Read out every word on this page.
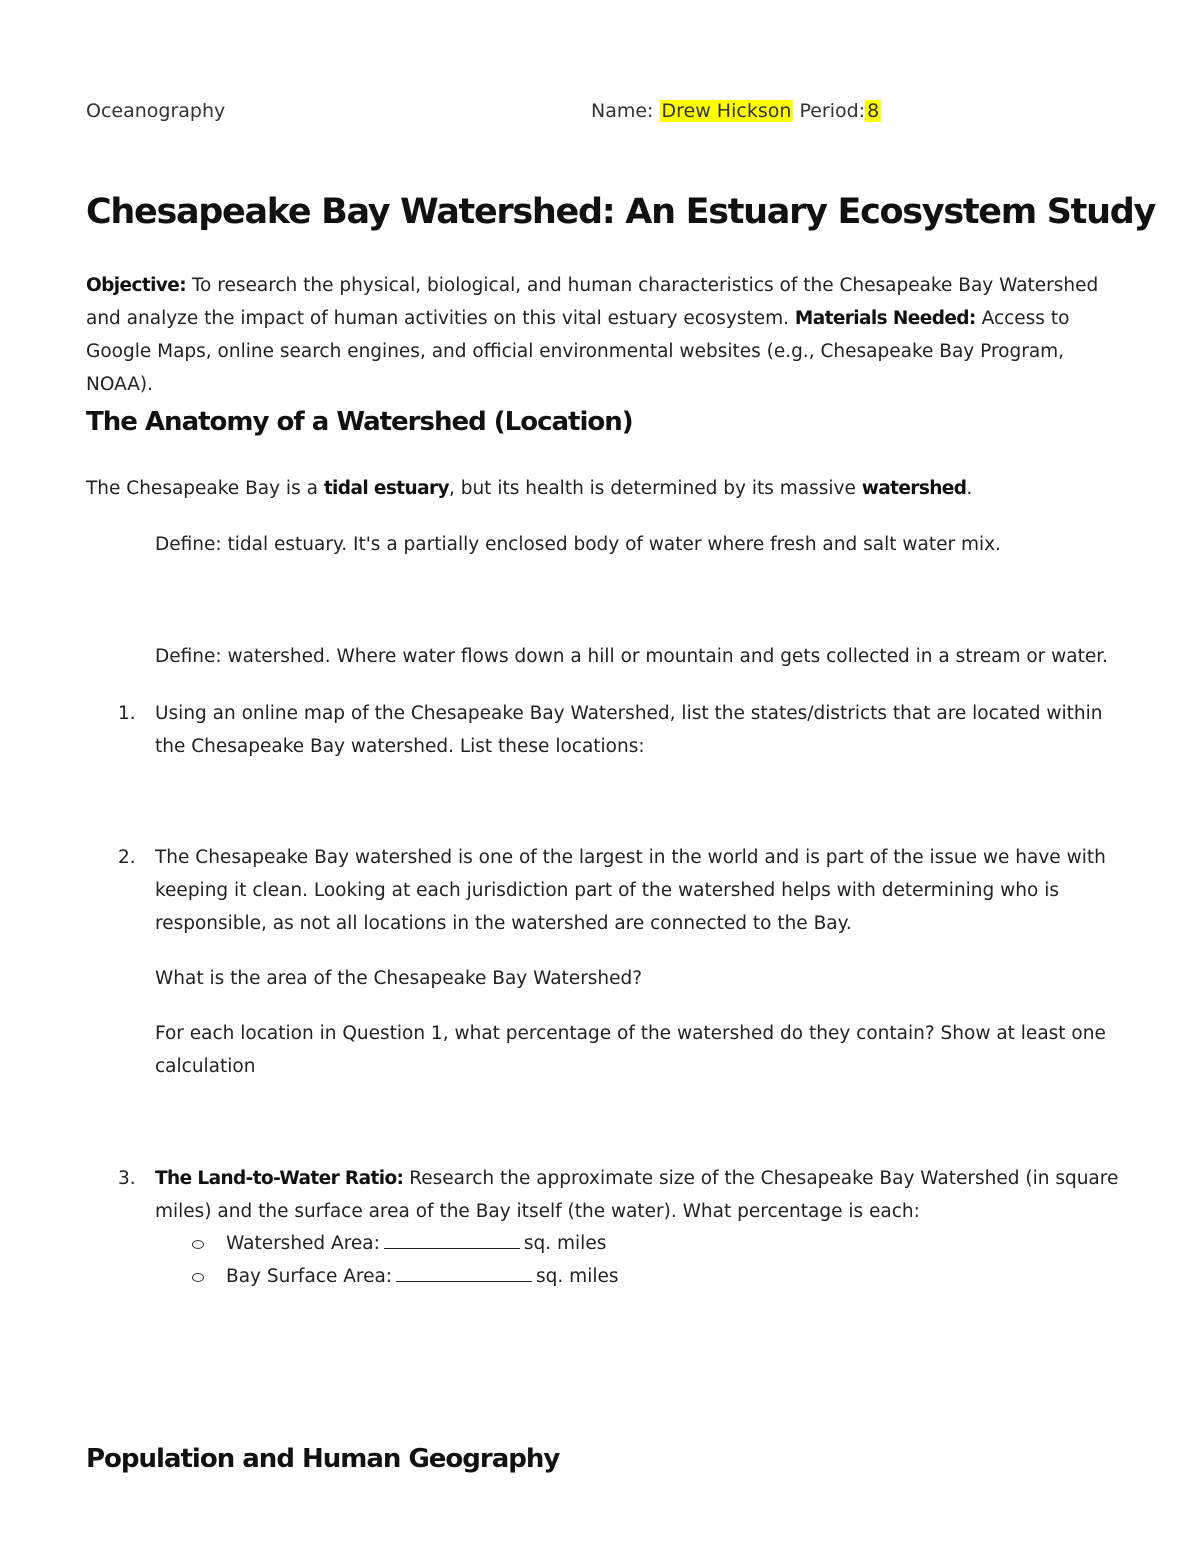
Oceanography	Name: Drew Hickson Period: 8
Chesapeake Bay Watershed: An Estuary Ecosystem Study

Objective: To research the physical, biological, and human characteristics of the Chesapeake Bay Watershed and analyze the impact of human activities on this vital estuary ecosystem. Materials Needed: Access to Google Maps, online search engines, and official environmental websites (e.g., Chesapeake Bay Program, NOAA).

The Anatomy of a Watershed (Location)

The Chesapeake Bay is a tidal estuary, but its health is determined by its massive watershed.

Define: tidal estuary. It's a partially enclosed body of water where fresh and salt water mix.

Define: watershed. Where water flows down a hill or mountain and gets collected in a stream or water.

1. Using an online map of the Chesapeake Bay Watershed, list the states/districts that are located within the Chesapeake Bay watershed. List these locations:

2. The Chesapeake Bay watershed is one of the largest in the world and is part of the issue we have with keeping it clean. Looking at each jurisdiction part of the watershed helps with determining who is responsible, as not all locations in the watershed are connected to the Bay.

What is the area of the Chesapeake Bay Watershed?

For each location in Question 1, what percentage of the watershed do they contain? Show at least one calculation

3. The Land-to-Water Ratio: Research the approximate size of the Chesapeake Bay Watershed (in square miles) and the surface area of the Bay itself (the water). What percentage is each:

Watershed Area:	sq. miles
Bay Surface Area:	sq. miles
Population and Human Geography
